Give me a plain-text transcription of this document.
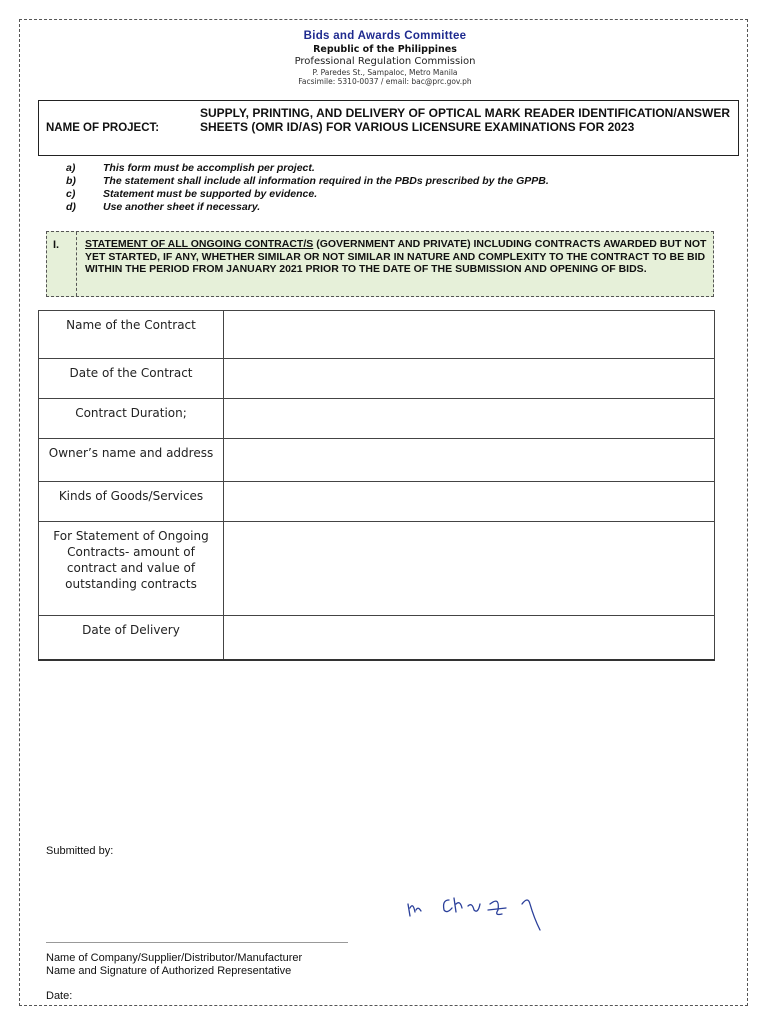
Bids and Awards Committee
Republic of the Philippines
Professional Regulation Commission
P. Paredes St., Sampaloc, Metro Manila
Facsimile: 5310-0037 / email: bac@prc.gov.ph
NAME OF PROJECT:
SUPPLY, PRINTING, AND DELIVERY OF OPTICAL MARK READER IDENTIFICATION/ANSWER SHEETS (OMR ID/AS) FOR VARIOUS LICENSURE EXAMINATIONS FOR 2023
a)	This form must be accomplish per project.
b)	The statement shall include all information required in the PBDs prescribed by the GPPB.
c)	Statement must be supported by evidence.
d)	Use another sheet if necessary.
I. STATEMENT OF ALL ONGOING CONTRACT/S (GOVERNMENT AND PRIVATE) INCLUDING CONTRACTS AWARDED BUT NOT YET STARTED, IF ANY, WHETHER SIMILAR OR NOT SIMILAR IN NATURE AND COMPLEXITY TO THE CONTRACT TO BE BID WITHIN THE PERIOD FROM JANUARY 2021 PRIOR TO THE DATE OF THE SUBMISSION AND OPENING OF BIDS.
Name of the Contract	
Date of the Contract	
Contract Duration;	
Owner’s name and address	
Kinds of Goods/Services	
For Statement of Ongoing Contracts- amount of contract and value of outstanding contracts	
Date of Delivery	
Submitted by:
Name of Company/Supplier/Distributor/Manufacturer
Name and Signature of Authorized Representative
Date:
